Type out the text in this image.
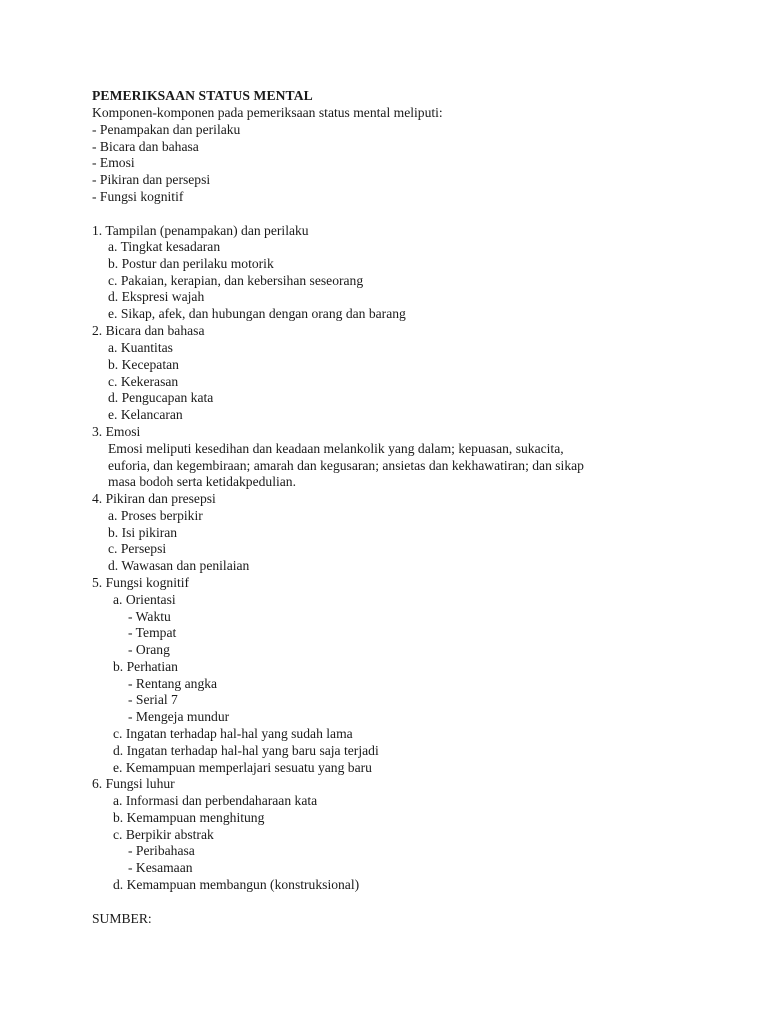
PEMERIKSAAN STATUS MENTAL
Komponen-komponen pada pemeriksaan status mental meliputi:
- Penampakan dan perilaku
- Bicara dan bahasa
- Emosi
- Pikiran dan persepsi
- Fungsi kognitif
1. Tampilan (penampakan) dan perilaku
a. Tingkat kesadaran
b. Postur dan perilaku motorik
c. Pakaian, kerapian, dan kebersihan seseorang
d. Ekspresi wajah
e. Sikap, afek, dan hubungan dengan orang dan barang
2. Bicara dan bahasa
a. Kuantitas
b. Kecepatan
c. Kekerasan
d. Pengucapan kata
e. Kelancaran
3. Emosi
Emosi meliputi kesedihan dan keadaan melankolik yang dalam; kepuasan, sukacita,
euforia, dan kegembiraan; amarah dan kegusaran; ansietas dan kekhawatiran; dan sikap
masa bodoh serta ketidakpedulian.
4. Pikiran dan presepsi
a. Proses berpikir
b. Isi pikiran
c. Persepsi
d. Wawasan dan penilaian
5. Fungsi kognitif
a. Orientasi
- Waktu
- Tempat
- Orang
b. Perhatian
- Rentang angka
- Serial 7
- Mengeja mundur
c. Ingatan terhadap hal-hal yang sudah lama
d. Ingatan terhadap hal-hal yang baru saja terjadi
e. Kemampuan memperlajari sesuatu yang baru
6. Fungsi luhur
a. Informasi dan perbendaharaan kata
b. Kemampuan menghitung
c. Berpikir abstrak
- Peribahasa
- Kesamaan
d. Kemampuan membangun (konstruksional)
SUMBER:
